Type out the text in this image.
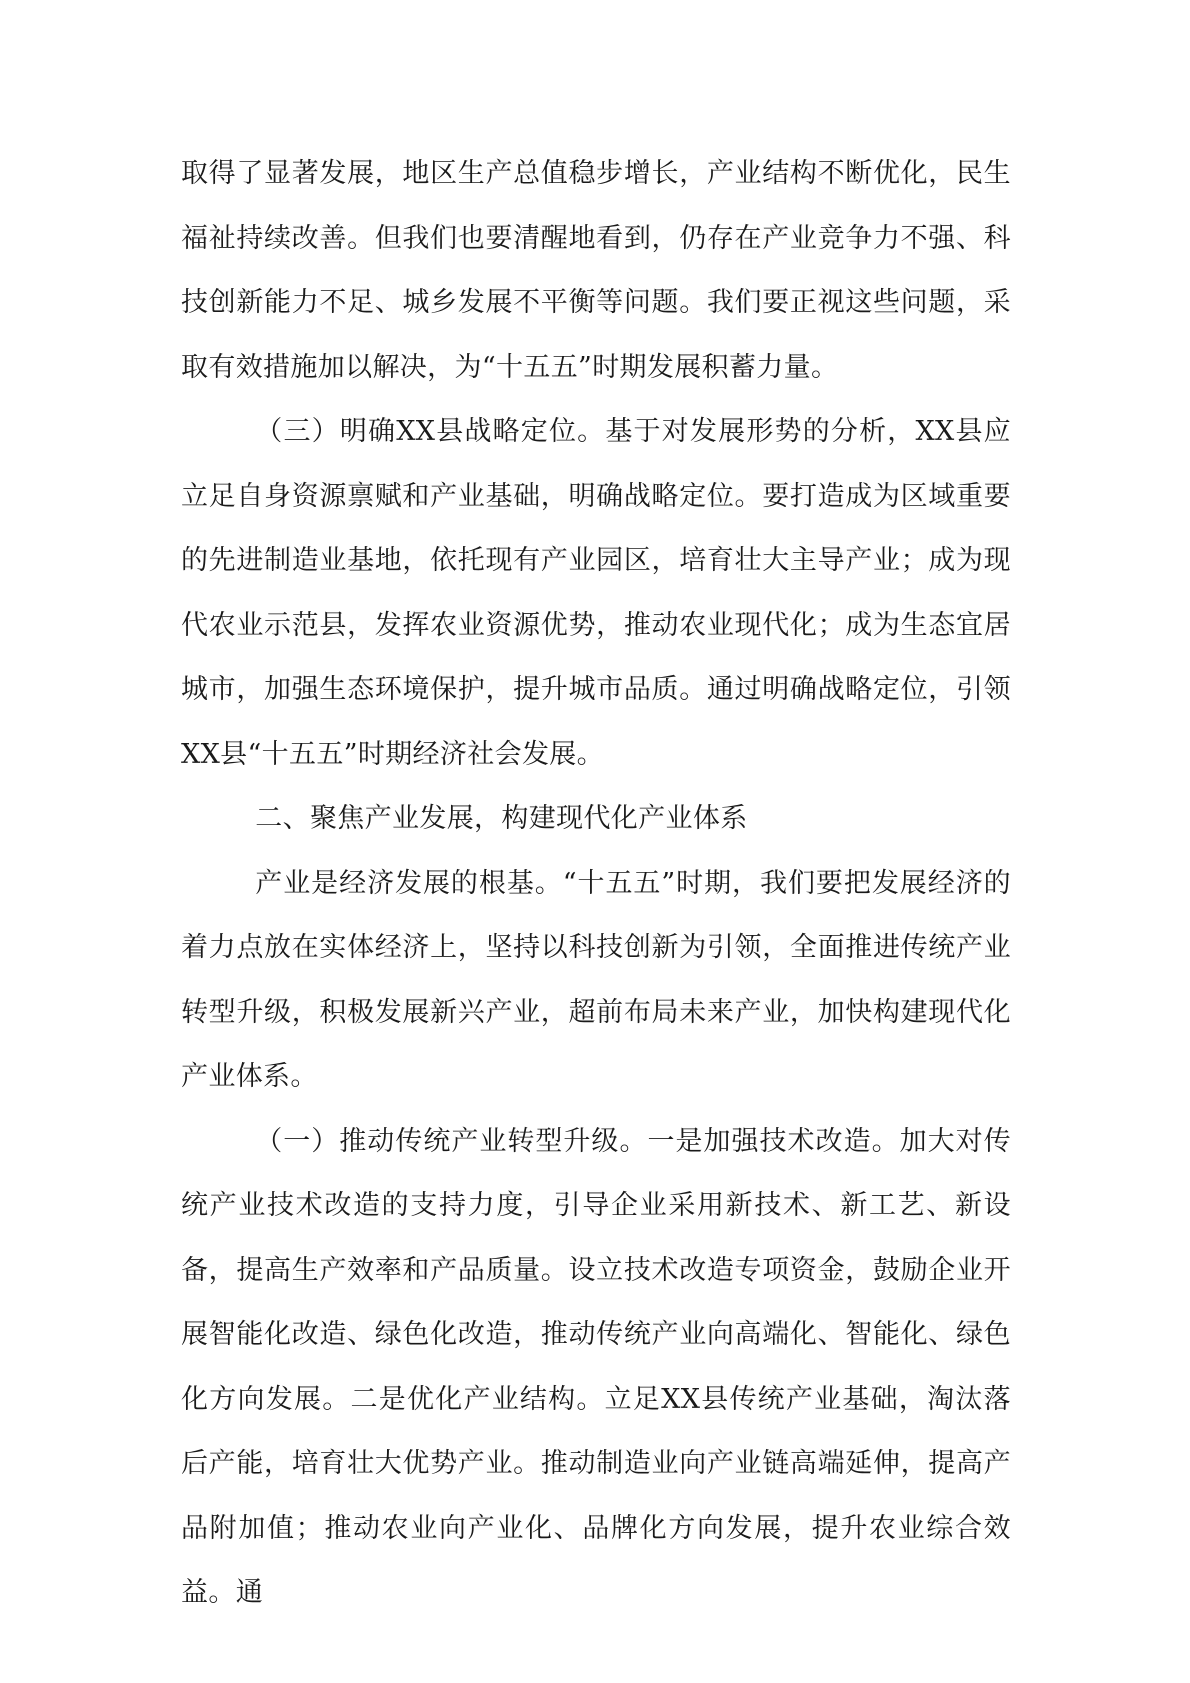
取得了显著发展，地区生产总值稳步增长，产业结构不断优化，民生福祉持续改善。但我们也要清醒地看到，仍存在产业竞争力不强、科技创新能力不足、城乡发展不平衡等问题。我们要正视这些问题，采取有效措施加以解决，为“十五五”时期发展积蓄力量。

（三）明确XX县战略定位。基于对发展形势的分析，XX县应立足自身资源禀赋和产业基础，明确战略定位。要打造成为区域重要的先进制造业基地，依托现有产业园区，培育壮大主导产业；成为现代农业示范县，发挥农业资源优势，推动农业现代化；成为生态宜居城市，加强生态环境保护，提升城市品质。通过明确战略定位，引领XX县“十五五”时期经济社会发展。

二、聚焦产业发展，构建现代化产业体系

产业是经济发展的根基。“十五五”时期，我们要把发展经济的着力点放在实体经济上，坚持以科技创新为引领，全面推进传统产业转型升级，积极发展新兴产业，超前布局未来产业，加快构建现代化产业体系。

（一）推动传统产业转型升级。一是加强技术改造。加大对传统产业技术改造的支持力度，引导企业采用新技术、新工艺、新设备，提高生产效率和产品质量。设立技术改造专项资金，鼓励企业开展智能化改造、绿色化改造，推动传统产业向高端化、智能化、绿色化方向发展。二是优化产业结构。立足XX县传统产业基础，淘汰落后产能，培育壮大优势产业。推动制造业向产业链高端延伸，提高产品附加值；推动农业向产业化、品牌化方向发展，提升农业综合效益。通
